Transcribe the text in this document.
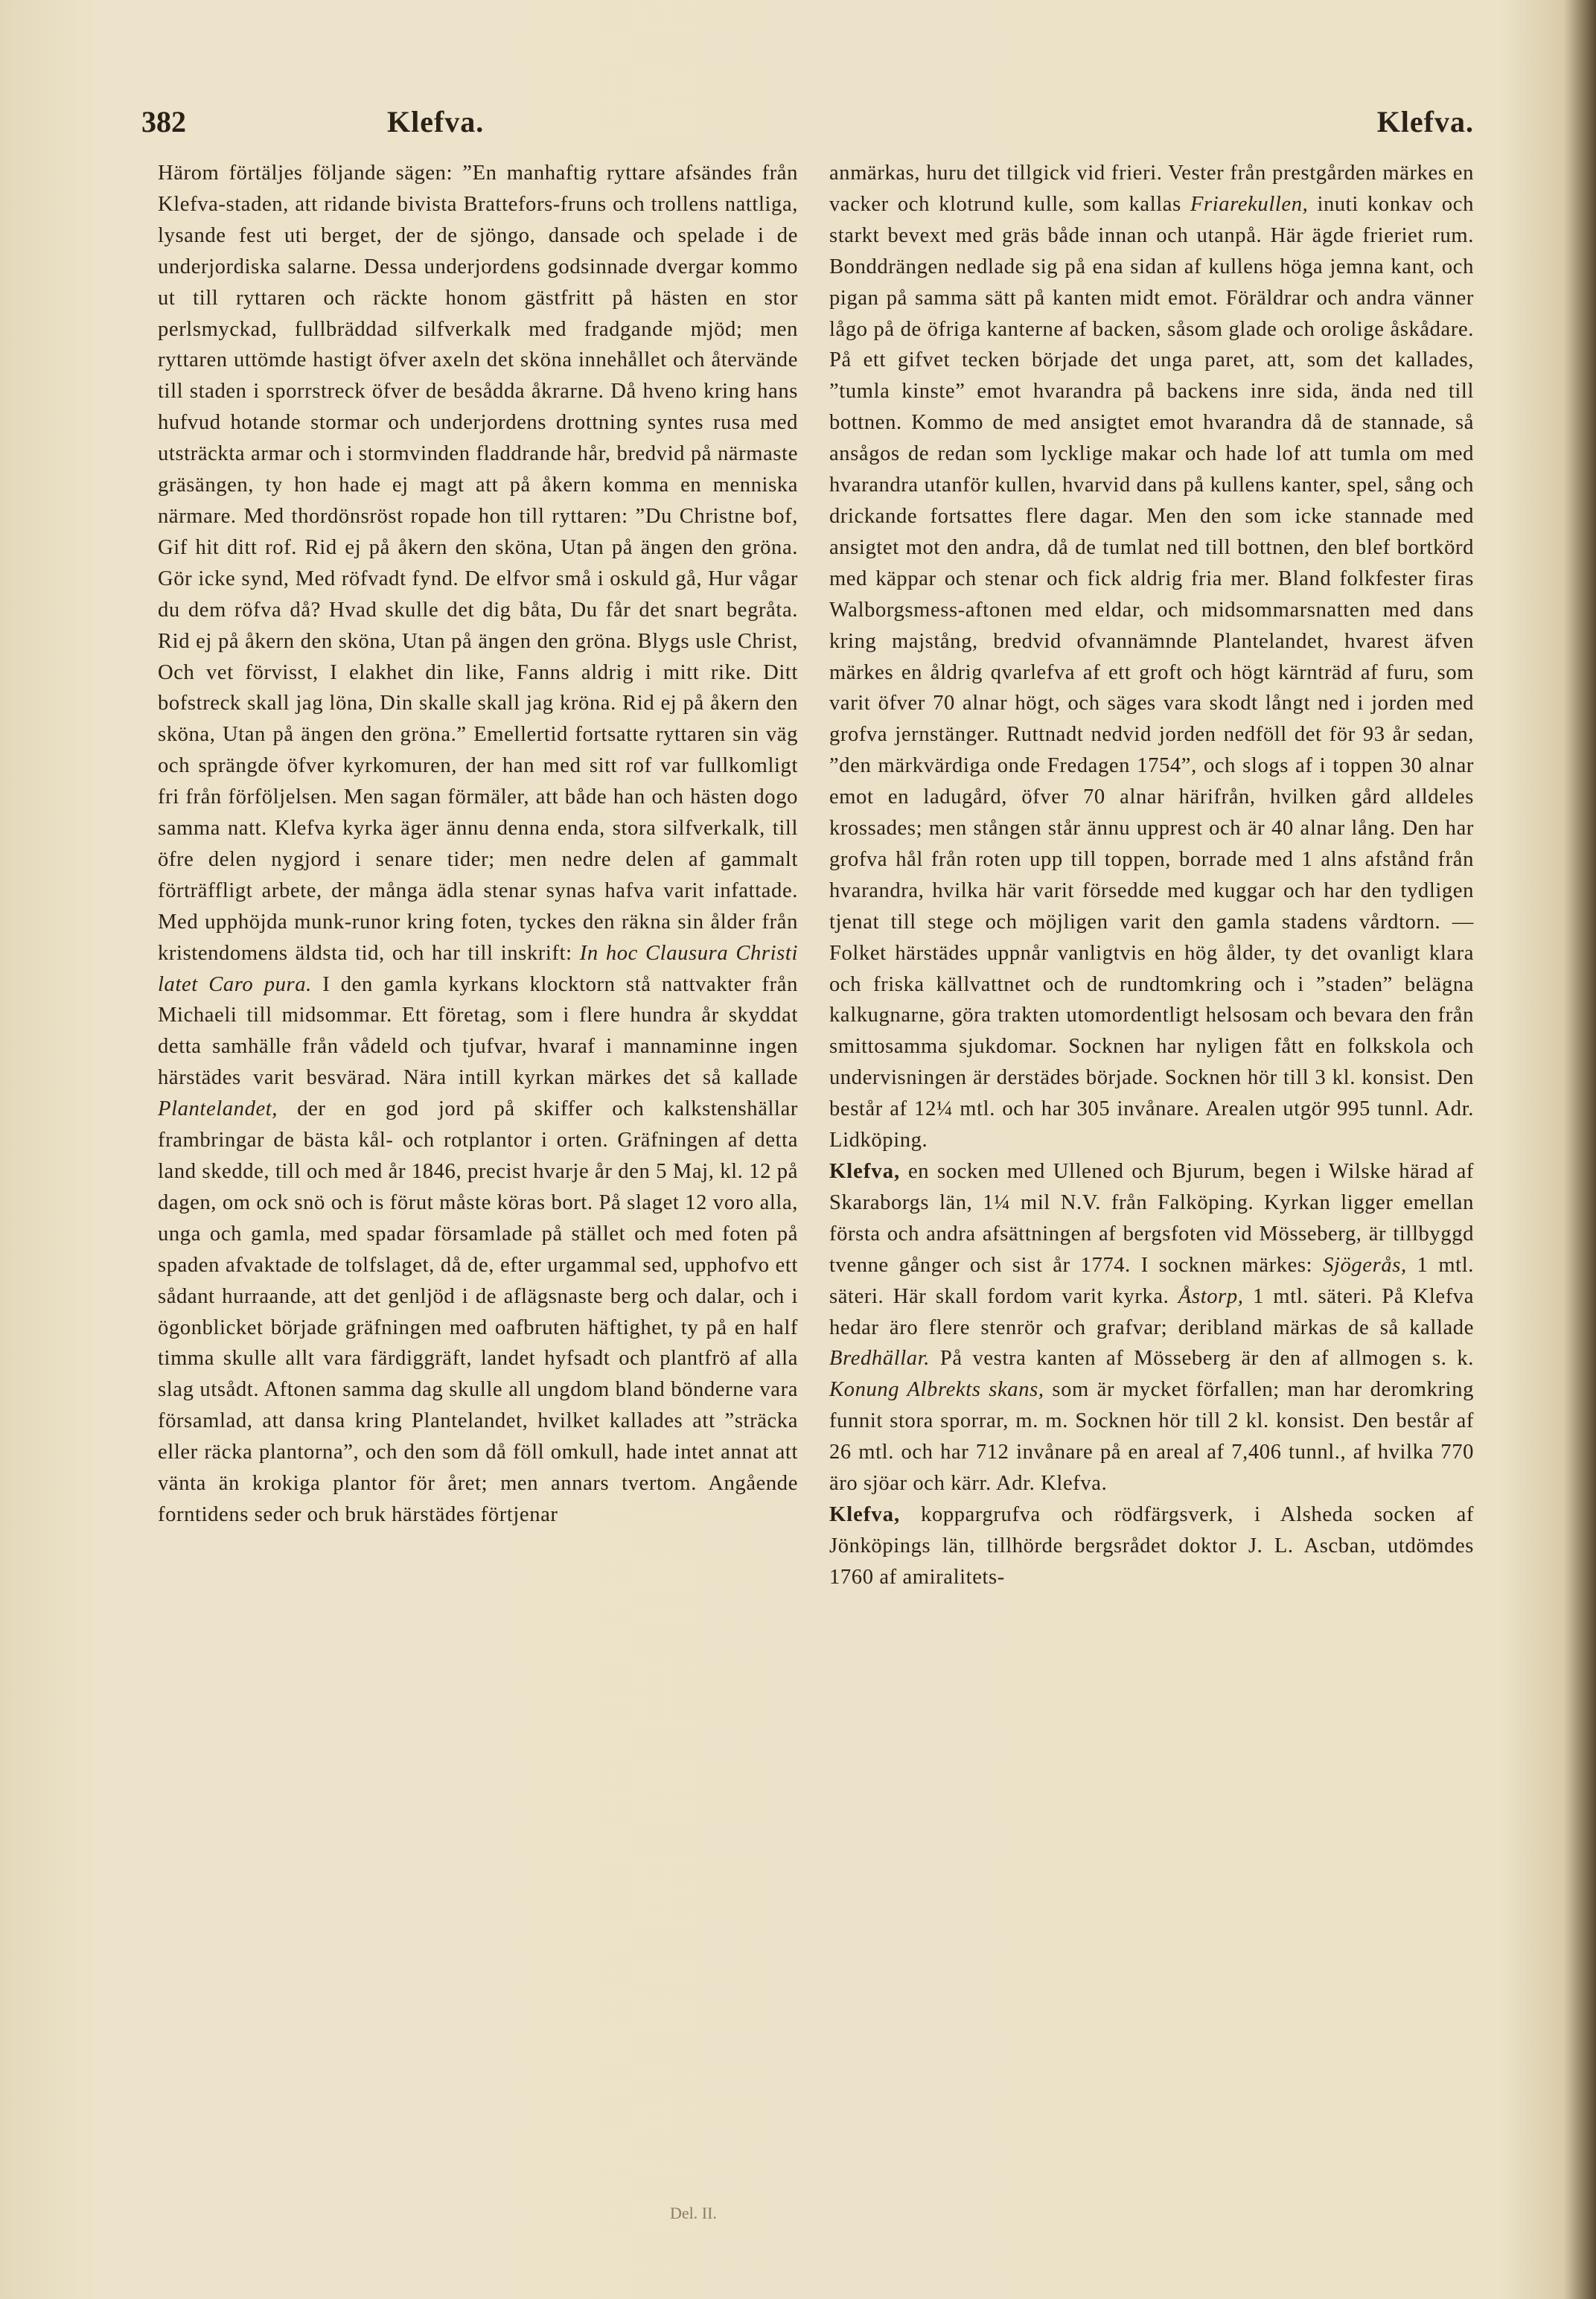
382	Klefva.	Klefva.

Härom förtäljes följande sägen: ”En manhaftig ryttare afsändes från Klefva-staden, att ridande bivista Brattefors-fruns och trollens nattliga, lysande fest uti berget, der de sjöngo, dansade och spelade i de underjordiska salarne. Dessa underjordens godsinnade dvergar kommo ut till ryttaren och räckte honom gästfritt på hästen en stor perlsmyckad, fullbräddad silfverkalk med fradgande mjöd; men ryttaren uttömde hastigt öfver axeln det sköna innehållet och återvände till staden i sporrstreck öfver de besådda åkrarne. Då hveno kring hans hufvud hotande stormar och underjordens drottning syntes rusa med utsträckta armar och i stormvinden fladdrande hår, bredvid på närmaste gräsängen, ty hon hade ej magt att på åkern komma en menniska närmare. Med thordönsröst ropade hon till ryttaren: ”Du Christne bof, Gif hit ditt rof. Rid ej på åkern den sköna, Utan på ängen den gröna. Gör icke synd, Med röfvadt fynd. De elfvor små i oskuld gå, Hur vågar du dem röfva då? Hvad skulle det dig båta, Du får det snart begråta. Rid ej på åkern den sköna, Utan på ängen den gröna. Blygs usle Christ, Och vet förvisst, I elakhet din like, Fanns aldrig i mitt rike. Ditt bofstreck skall jag löna, Din skalle skall jag kröna. Rid ej på åkern den sköna, Utan på ängen den gröna.” Emellertid fortsatte ryttaren sin väg och sprängde öfver kyrkomuren, der han med sitt rof var fullkomligt fri från förföljelsen. Men sagan förmäler, att både han och hästen dogo samma natt. Klefva kyrka äger ännu denna enda, stora silfverkalk, till öfre delen nygjord i senare tider; men nedre delen af gammalt förträffligt arbete, der många ädla stenar synas hafva varit infattade. Med upphöjda munk-runor kring foten, tyckes den räkna sin ålder från kristendomens äldsta tid, och har till inskrift: In hoc Clausura Christi latet Caro pura. I den gamla kyrkans klocktorn stå nattvakter från Michaeli till midsommar. Ett företag, som i flere hundra år skyddat detta samhälle från vådeld och tjufvar, hvaraf i mannaminne ingen härstädes varit besvärad. Nära intill kyrkan märkes det så kallade Plantelandet, der en god jord på skiffer och kalkstenshällar frambringar de bästa kål- och rotplantor i orten. Gräfningen af detta land skedde, till och med år 1846, precist hvarje år den 5 Maj, kl. 12 på dagen, om ock snö och is förut måste köras bort. På slaget 12 voro alla, unga och gamla, med spadar församlade på stället och med foten på spaden afvaktade de tolfslaget, då de, efter urgammal sed, upphofvo ett sådant hurraande, att det genljöd i de aflägsnaste berg och dalar, och i ögonblicket började gräfningen med oafbruten häftighet, ty på en half timma skulle allt vara färdiggräft, landet hyfsadt och plantfrö af alla slag utsådt. Aftonen samma dag skulle all ungdom bland bönderne vara församlad, att dansa kring Plantelandet, hvilket kallades att ”sträcka eller räcka plantorna”, och den som då föll omkull, hade intet annat att vänta än krokiga plantor för året; men annars tvertom. Angående forntidens seder och bruk härstädes förtjenar

anmärkas, huru det tillgick vid frieri. Vester från prestgården märkes en vacker och klotrund kulle, som kallas Friarekullen, inuti konkav och starkt bevext med gräs både innan och utanpå. Här ägde frieriet rum. Bonddrängen nedlade sig på ena sidan af kullens höga jemna kant, och pigan på samma sätt på kanten midt emot. Föräldrar och andra vänner lågo på de öfriga kanterne af backen, såsom glade och orolige åskådare. På ett gifvet tecken började det unga paret, att, som det kallades, ”tumla kinste” emot hvarandra på backens inre sida, ända ned till bottnen. Kommo de med ansigtet emot hvarandra då de stannade, så ansågos de redan som lycklige makar och hade lof att tumla om med hvarandra utanför kullen, hvarvid dans på kullens kanter, spel, sång och drickande fortsattes flere dagar. Men den som icke stannade med ansigtet mot den andra, då de tumlat ned till bottnen, den blef bortkörd med käppar och stenar och fick aldrig fria mer. Bland folkfester firas Walborgsmess-aftonen med eldar, och midsommarsnatten med dans kring majstång, bredvid ofvannämnde Plantelandet, hvarest äfven märkes en åldrig qvarlefva af ett groft och högt kärnträd af furu, som varit öfver 70 alnar högt, och säges vara skodt långt ned i jorden med grofva jernstänger. Ruttnadt nedvid jorden nedföll det för 93 år sedan, ”den märkvärdiga onde Fredagen 1754”, och slogs af i toppen 30 alnar emot en ladugård, öfver 70 alnar härifrån, hvilken gård alldeles krossades; men stången står ännu upprest och är 40 alnar lång. Den har grofva hål från roten upp till toppen, borrade med 1 alns afstånd från hvarandra, hvilka här varit försedde med kuggar och har den tydligen tjenat till stege och möjligen varit den gamla stadens vårdtorn. — Folket härstädes uppnår vanligtvis en hög ålder, ty det ovanligt klara och friska källvattnet och de rundtomkring och i ”staden” belägna kalkugnarne, göra trakten utomordentligt helsosam och bevara den från smittosamma sjukdomar. Socknen har nyligen fått en folkskola och undervisningen är derstädes började. Socknen hör till 3 kl. konsist. Den består af 12¼ mtl. och har 305 invånare. Arealen utgör 995 tunnl. Adr. Lidköping.

Klefva, en socken med Ullened och Bjurum, begen i Wilske härad af Skaraborgs län, 1¼ mil N.V. från Falköping. Kyrkan ligger emellan första och andra afsättningen af bergsfoten vid Mösseberg, är tillbyggd tvenne gånger och sist år 1774. I socknen märkes: Sjögerås, 1 mtl. säteri. Här skall fordom varit kyrka. Åstorp, 1 mtl. säteri. På Klefva hedar äro flere stenrör och grafvar; deribland märkas de så kallade Bredhällar. På vestra kanten af Mösseberg är den af allmogen s. k. Konung Albrekts skans, som är mycket förfallen; man har deromkring funnit stora sporrar, m. m. Socknen hör till 2 kl. konsist. Den består af 26 mtl. och har 712 invånare på en areal af 7,406 tunnl., af hvilka 770 äro sjöar och kärr. Adr. Klefva.

Klefva, koppargrufva och rödfärgsverk, i Alsheda socken af Jönköpings län, tillhörde bergsrådet doktor J. L. Ascban, utdömdes 1760 af amiralitets-

Del. II.
